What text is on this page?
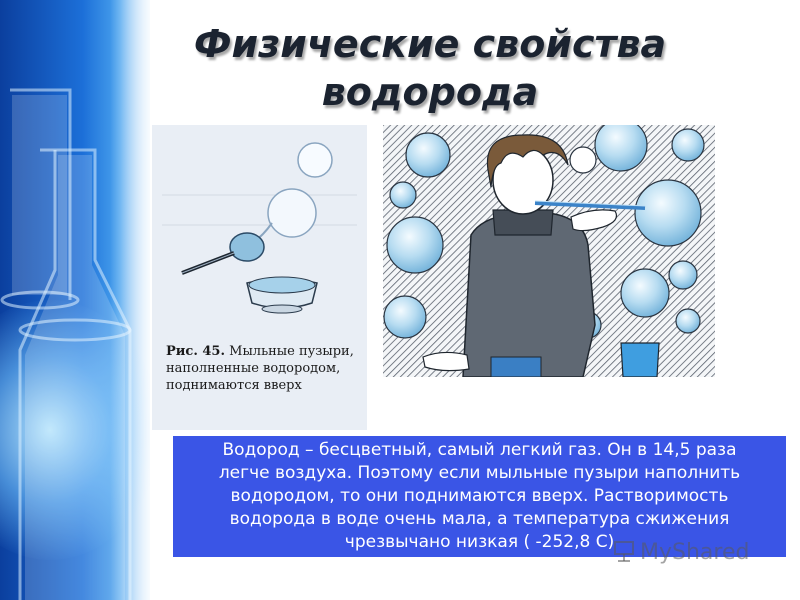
Физические свойства
водорода
Рис. 45. Мыльные пузыри, наполненные водородом, поднимаются вверх
Водород – бесцветный, самый легкий газ. Он в 14,5 раза
легче воздуха. Поэтому если мыльные пузыри наполнить
водородом, то они поднимаются вверх. Растворимость
водорода в воде очень мала, а температура сжижения
чрезвычано низкая ( -252,8 С)	MyShared
